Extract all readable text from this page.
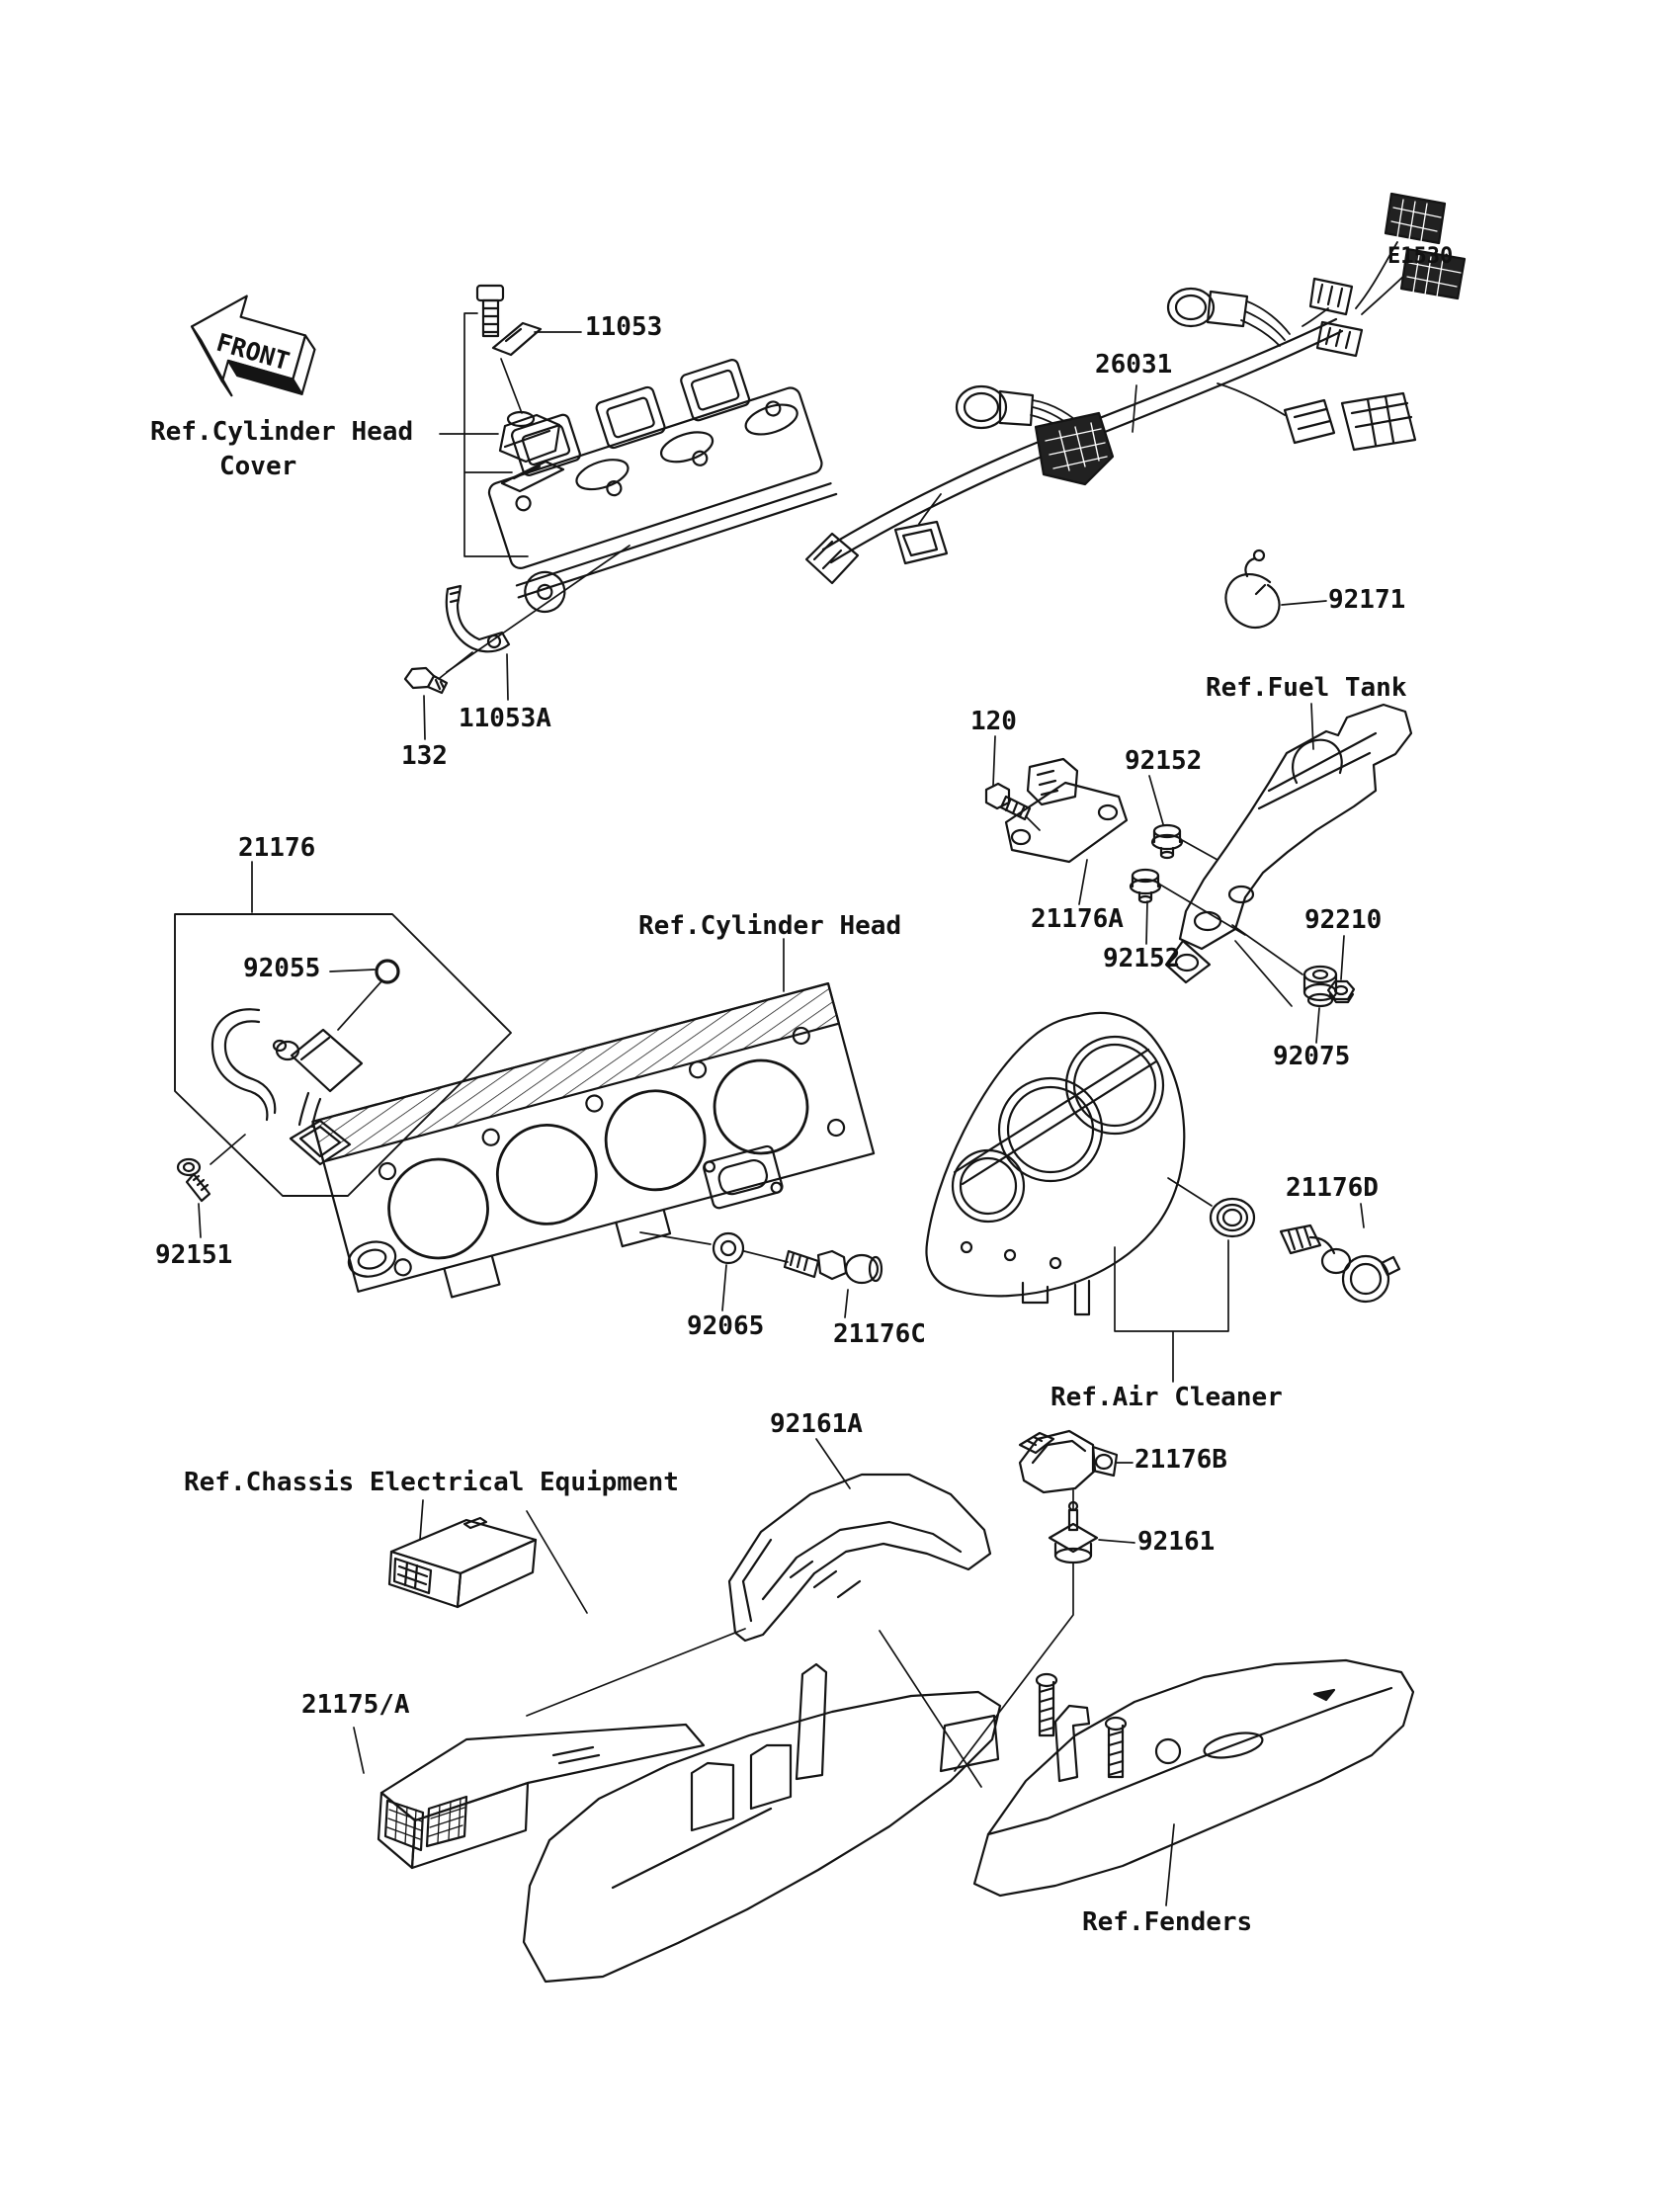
FRONT
E1530
11053
Ref.Cylinder Head
Cover
26031
92171
Ref.Fuel Tank
11053A
132
120
92152
21176
21176A
92152
92210
Ref.Cylinder Head
92055
92075
21176D
92151
92065	21176C
Ref.Air Cleaner
92161A
21176B
Ref.Chassis Electrical Equipment
92161
21175/A
Ref.Fenders
